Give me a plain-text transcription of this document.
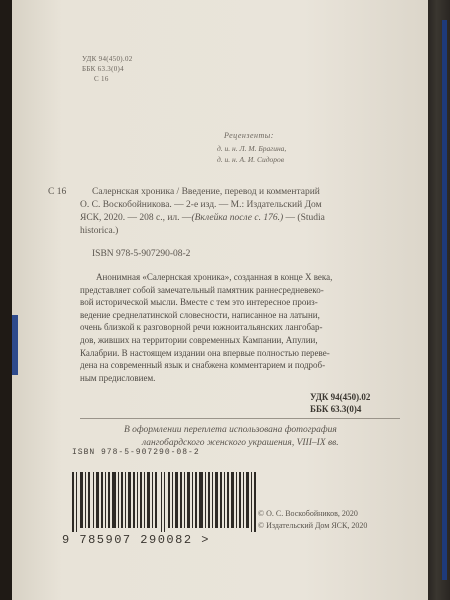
УДК 94(450).02
ББК 63.3(0)4
С 16
Рецензенты:
д. и. н. Л. М. Брагина,
д. и. н. А. И. Сидоров
С 16	Салернская хроника / Введение, перевод и комментарий
О. С. Воскобойникова. — 2-е изд. — М.: Издательский Дом
ЯСК, 2020. — 208 с., ил. —(Вклейка после с. 176.) — (Studia
historica.)
ISBN 978-5-907290-08-2
Анонимная «Салернская хроника», созданная в конце X века,
представляет собой замечательный памятник раннесредневеко-
вой исторической мысли. Вместе с тем это интересное произ-
ведение среднелатинской словесности, написанное на латыни,
очень близкой к разговорной речи южноитальянских лангобар-
дов, живших на территории современных Кампании, Апулии,
Калабрии. В настоящем издании она впервые полностью переве-
дена на современный язык и снабжена комментарием и подроб-
ным предисловием.
УДК 94(450).02
ББК 63.3(0)4
В оформлении переплета использована фотография
лангобардского женского украшения, VIII–IX вв.
ISBN 978-5-907290-08-2
9 785907 290082 >
© О. С. Воскобойников, 2020
© Издательский Дом ЯСК, 2020
